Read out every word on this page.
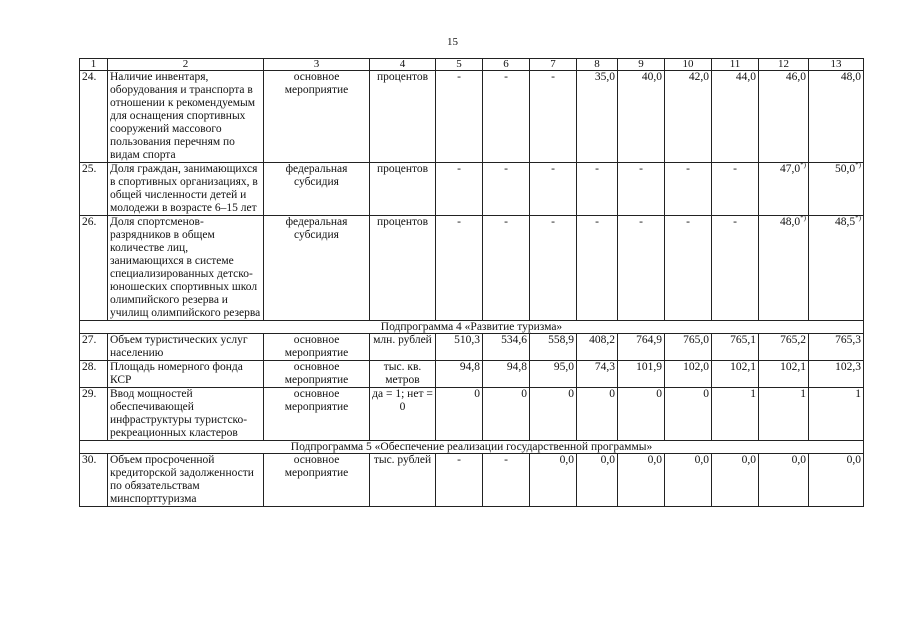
15
1	2	3	4	5	6	7	8	9	10	11	12	13
24.	Наличие инвентаря, оборудования и транспорта в отношении к рекомендуемым для оснащения спортивных сооружений массового пользования перечням по видам спорта	основное мероприятие	процентов	-	-	-	35,0	40,0	42,0	44,0	46,0	48,0
25.	Доля граждан, занимающихся в спортивных организациях, в общей численности детей и молодежи в возрасте 6–15 лет	федеральная субсидия	процентов	-	-	-	-	-	-	-	47,0*)	50,0*)
26.	Доля спортсменов-разрядников в общем количестве лиц, занимающихся в системе специализированных детско-юношеских спортивных школ олимпийского резерва и училищ олимпийского резерва	федеральная субсидия	процентов	-	-	-	-	-	-	-	48,0*)	48,5*)
Подпрограмма 4 «Развитие туризма»												
27.	Объем туристических услуг населению	основное мероприятие	млн. рублей	510,3	534,6	558,9	408,2	764,9	765,0	765,1	765,2	765,3
28.	Площадь номерного фонда КСР	основное мероприятие	тыс. кв. метров	94,8	94,8	95,0	74,3	101,9	102,0	102,1	102,1	102,3
29.	Ввод мощностей обеспечивающей инфраструктуры туристско-рекреационных кластеров	основное мероприятие	да = 1; нет = 0	0	0	0	0	0	0	1	1	1
Подпрограмма 5 «Обеспечение реализации государственной программы»												
30.	Объем просроченной кредиторской задолженности по обязательствам минспорттуризма	основное мероприятие	тыс. рублей	-	-	0,0	0,0	0,0	0,0	0,0	0,0	0,0
